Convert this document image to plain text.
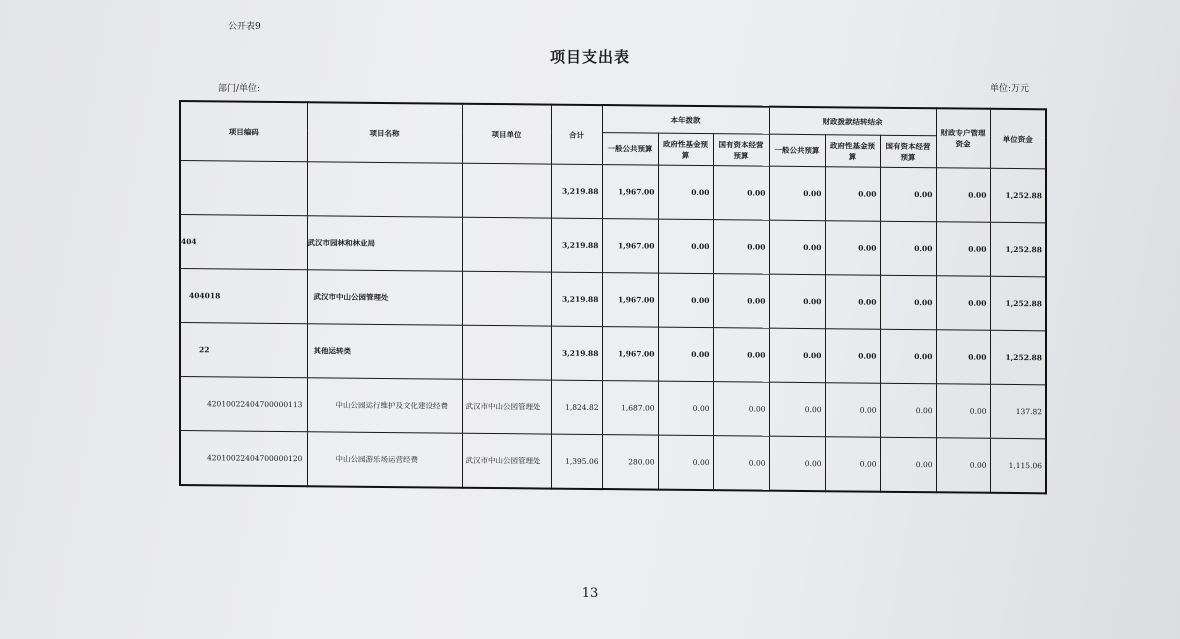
公开表9
项目支出表
部门/单位:	单位:万元
项目编码	项目名称	项目单位	合计	本年拨款			财政拨款结转结余			财政专户管理资金	单位资金
				一般公共预算	政府性基金预算	国有资本经营预算	一般公共预算	政府性基金预算	国有资本经营预算		
			3,219.88	1,967.00	0.00	0.00	0.00	0.00	0.00	0.00	1,252.88
404	武汉市园林和林业局		3,219.88	1,967.00	0.00	0.00	0.00	0.00	0.00	0.00	1,252.88
404018	武汉市中山公园管理处		3,219.88	1,967.00	0.00	0.00	0.00	0.00	0.00	0.00	1,252.88
22	其他运转类		3,219.88	1,967.00	0.00	0.00	0.00	0.00	0.00	0.00	1,252.88
42010022404700000113	中山公园运行维护及文化建设经费	武汉市中山公园管理处	1,824.82	1,687.00	0.00	0.00	0.00	0.00	0.00	0.00	137.82
42010022404700000120	中山公园游乐场运营经费	武汉市中山公园管理处	1,395.06	280.00	0.00	0.00	0.00	0.00	0.00	0.00	1,115.06
13
